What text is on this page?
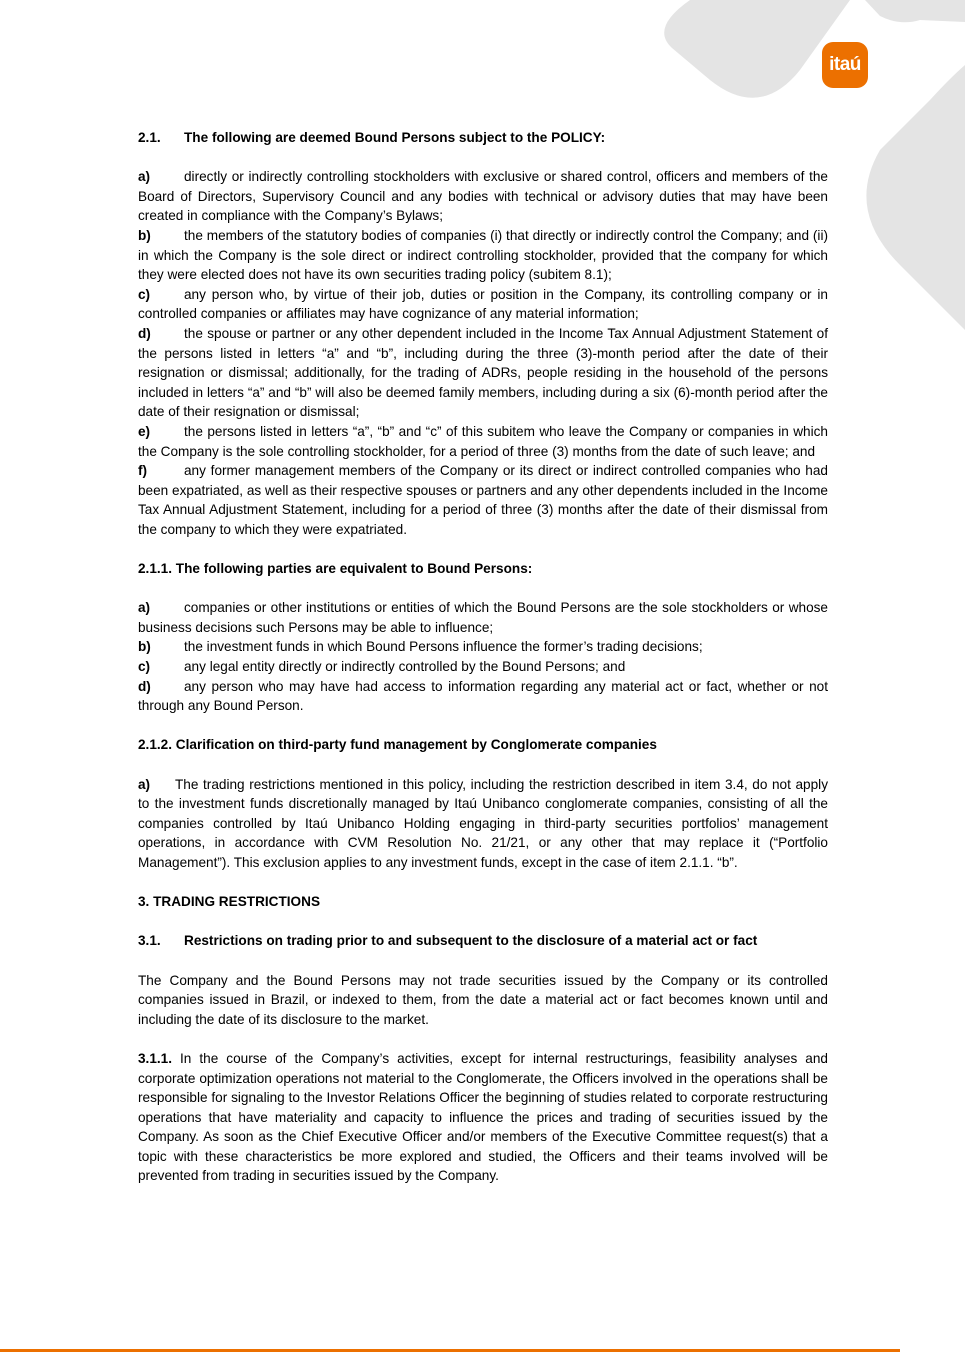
itaú

2.1. The following are deemed Bound Persons subject to the POLICY:

a) directly or indirectly controlling stockholders with exclusive or shared control, officers and members of the Board of Directors, Supervisory Council and any bodies with technical or advisory duties that may have been created in compliance with the Company’s Bylaws;

b) the members of the statutory bodies of companies (i) that directly or indirectly control the Company; and (ii) in which the Company is the sole direct or indirect controlling stockholder, provided that the company for which they were elected does not have its own securities trading policy (subitem 8.1);

c) any person who, by virtue of their job, duties or position in the Company, its controlling company or in controlled companies or affiliates may have cognizance of any material information;

d) the spouse or partner or any other dependent included in the Income Tax Annual Adjustment Statement of the persons listed in letters “a” and “b”, including during the three (3)-month period after the date of their resignation or dismissal; additionally, for the trading of ADRs, people residing in the household of the persons included in letters “a” and “b” will also be deemed family members, including during a six (6)-month period after the date of their resignation or dismissal;

e) the persons listed in letters “a”, “b” and “c” of this subitem who leave the Company or companies in which the Company is the sole controlling stockholder, for a period of three (3) months from the date of such leave; and

f)	any former management members of the Company or its direct or indirect controlled companies who had been expatriated, as well as their respective spouses or partners and any other dependents included in the Income Tax Annual Adjustment Statement, including for a period of three (3) months after the date of their dismissal from the company to which they were expatriated.

2.1.1. The following parties are equivalent to Bound Persons:

a) companies or other institutions or entities of which the Bound Persons are the sole stockholders or whose business decisions such Persons may be able to influence;

b) the investment funds in which Bound Persons influence the former’s trading decisions;

c) any legal entity directly or indirectly controlled by the Bound Persons; and

d) any person who may have had access to information regarding any material act or fact, whether or not through any Bound Person.

2.1.2. Clarification on third-party fund management by Conglomerate companies

a) The trading restrictions mentioned in this policy, including the restriction described in item 3.4, do not apply to the investment funds discretionally managed by Itaú Unibanco conglomerate companies, consisting of all the companies controlled by Itaú Unibanco Holding engaging in third-party securities portfolios’ management operations, in accordance with CVM Resolution No. 21/21, or any other that may replace it (“Portfolio Management”). This exclusion applies to any investment funds, except in the case of item 2.1.1. “b”.

3. TRADING RESTRICTIONS

3.1. Restrictions on trading prior to and subsequent to the disclosure of a material act or fact

The Company and the Bound Persons may not trade securities issued by the Company or its controlled companies issued in Brazil, or indexed to them, from the date a material act or fact becomes known until and including the date of its disclosure to the market.

3.1.1. In the course of the Company’s activities, except for internal restructurings, feasibility analyses and corporate optimization operations not material to the Conglomerate, the Officers involved in the operations shall be responsible for signaling to the Investor Relations Officer the beginning of studies related to corporate restructuring operations that have materiality and capacity to influence the prices and trading of securities issued by the Company. As soon as the Chief Executive Officer and/or members of the Executive Committee request(s) that a topic with these characteristics be more explored and studied, the Officers and their teams involved will be prevented from trading in securities issued by the Company.
